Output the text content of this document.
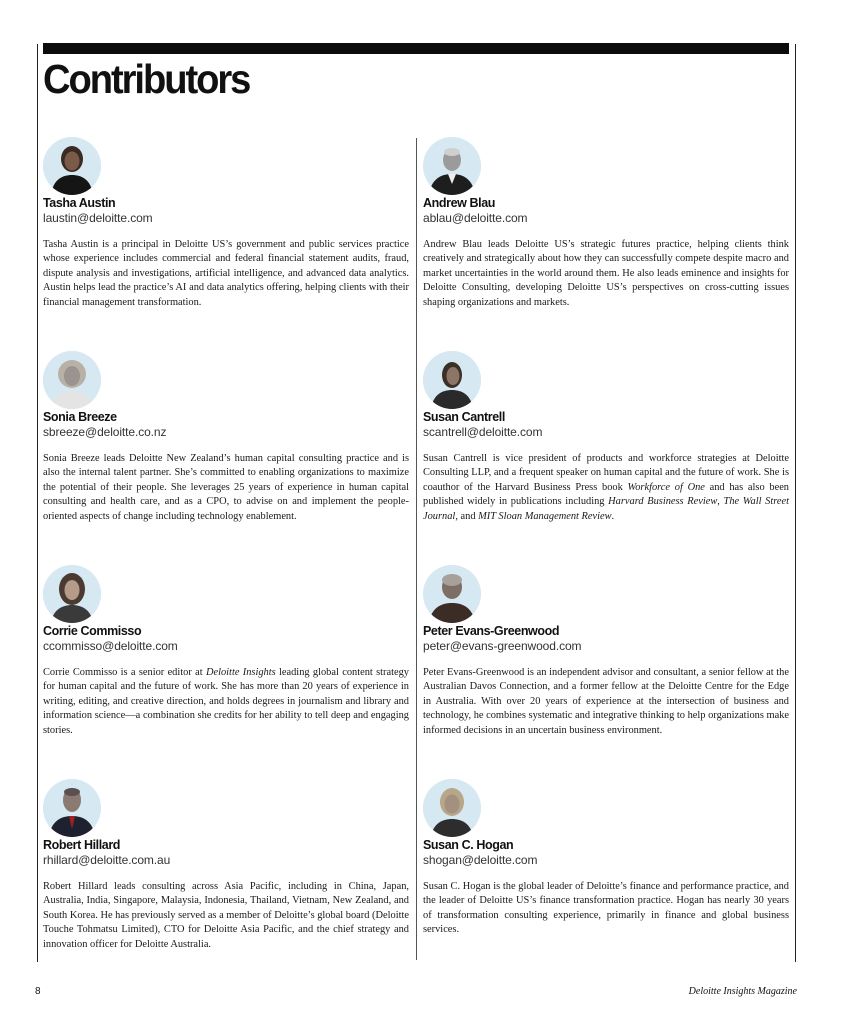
Contributors
Tasha Austin
laustin@deloitte.com

Tasha Austin is a principal in Deloitte US’s government and public services practice whose experience includes commercial and federal financial statement audits, fraud, dispute analysis and investigations, artificial intelligence, and advanced data analytics. Austin helps lead the practice’s AI and data analytics offering, helping clients with their financial management transformation.

Andrew Blau
ablau@deloitte.com

Andrew Blau leads Deloitte US’s strategic futures practice, helping clients think creatively and strategically about how they can successfully compete despite macro and market uncertainties in the world around them. He also leads eminence and insights for Deloitte Consulting, developing Deloitte US’s perspectives on cross-cutting issues shaping organizations and markets.

Sonia Breeze
sbreeze@deloitte.co.nz

Sonia Breeze leads Deloitte New Zealand’s human capital consulting practice and is also the internal talent partner. She’s committed to enabling organizations to maximize the potential of their people. She leverages 25 years of experience in human capital consulting and health care, and as a CPO, to advise on and implement the people-oriented aspects of change including technology enablement.

Susan Cantrell
scantrell@deloitte.com

Susan Cantrell is vice president of products and workforce strategies at Deloitte Consulting LLP, and a frequent speaker on human capital and the future of work. She is coauthor of the Harvard Business Press book Workforce of One and has also been published widely in publications including Harvard Business Review, The Wall Street Journal, and MIT Sloan Management Review.

Corrie Commisso
ccommisso@deloitte.com

Corrie Commisso is a senior editor at Deloitte Insights leading global content strategy for human capital and the future of work. She has more than 20 years of experience in writing, editing, and creative direction, and holds degrees in journalism and library and information science—a combination she credits for her ability to tell deep and engaging stories.

Peter Evans-Greenwood
peter@evans-greenwood.com

Peter Evans-Greenwood is an independent advisor and consultant, a senior fellow at the Australian Davos Connection, and a former fellow at the Deloitte Centre for the Edge in Australia. With over 20 years of experience at the intersection of business and technology, he combines systematic and integrative thinking to help organizations make informed decisions in an uncertain business environment.

Robert Hillard
rhillard@deloitte.com.au

Robert Hillard leads consulting across Asia Pacific, including in China, Japan, Australia, India, Singapore, Malaysia, Indonesia, Thailand, Vietnam, New Zealand, and South Korea. He has previously served as a member of Deloitte’s global board (Deloitte Touche Tohmatsu Limited), CTO for Deloitte Asia Pacific, and the chief strategy and innovation officer for Deloitte Australia.

Susan C. Hogan
shogan@deloitte.com

Susan C. Hogan is the global leader of Deloitte’s finance and performance practice, and the leader of Deloitte US’s finance transformation practice. Hogan has nearly 30 years of transformation consulting experience, primarily in finance and global business services.

8	Deloitte Insights Magazine
